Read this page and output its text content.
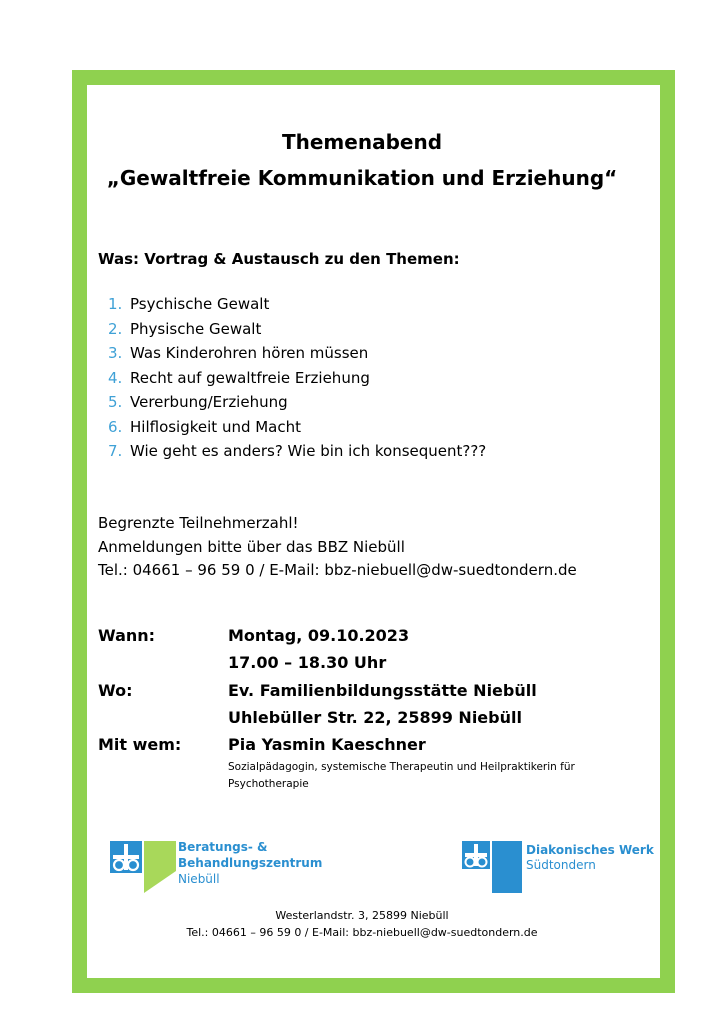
Themenabend
„Gewaltfreie Kommunikation und Erziehung“
Was: Vortrag & Austausch zu den Themen:
1. Psychische Gewalt
2. Physische Gewalt
3. Was Kinderohren hören müssen
4. Recht auf gewaltfreie Erziehung
5. Vererbung/Erziehung
6. Hilflosigkeit und Macht
7. Wie geht es anders? Wie bin ich konsequent???
Begrenzte Teilnehmerzahl!
Anmeldungen bitte über das BBZ Niebüll
Tel.: 04661 – 96 59 0 / E-Mail: bbz-niebuell@dw-suedtondern.de
Wann:	Montag, 09.10.2023
17.00 – 18.30 Uhr
Wo:	Ev. Familienbildungsstätte Niebüll
Uhlebüller Str. 22, 25899 Niebüll
Mit wem:	Pia Yasmin Kaeschner
Sozialpädagogin, systemische Therapeutin und Heilpraktikerin für Psychotherapie
Beratungs- &
Behandlungszentrum
Niebüll
Diakonisches Werk
Südtondern
Westerlandstr. 3, 25899 Niebüll
Tel.: 04661 – 96 59 0 / E-Mail: bbz-niebuell@dw-suedtondern.de
